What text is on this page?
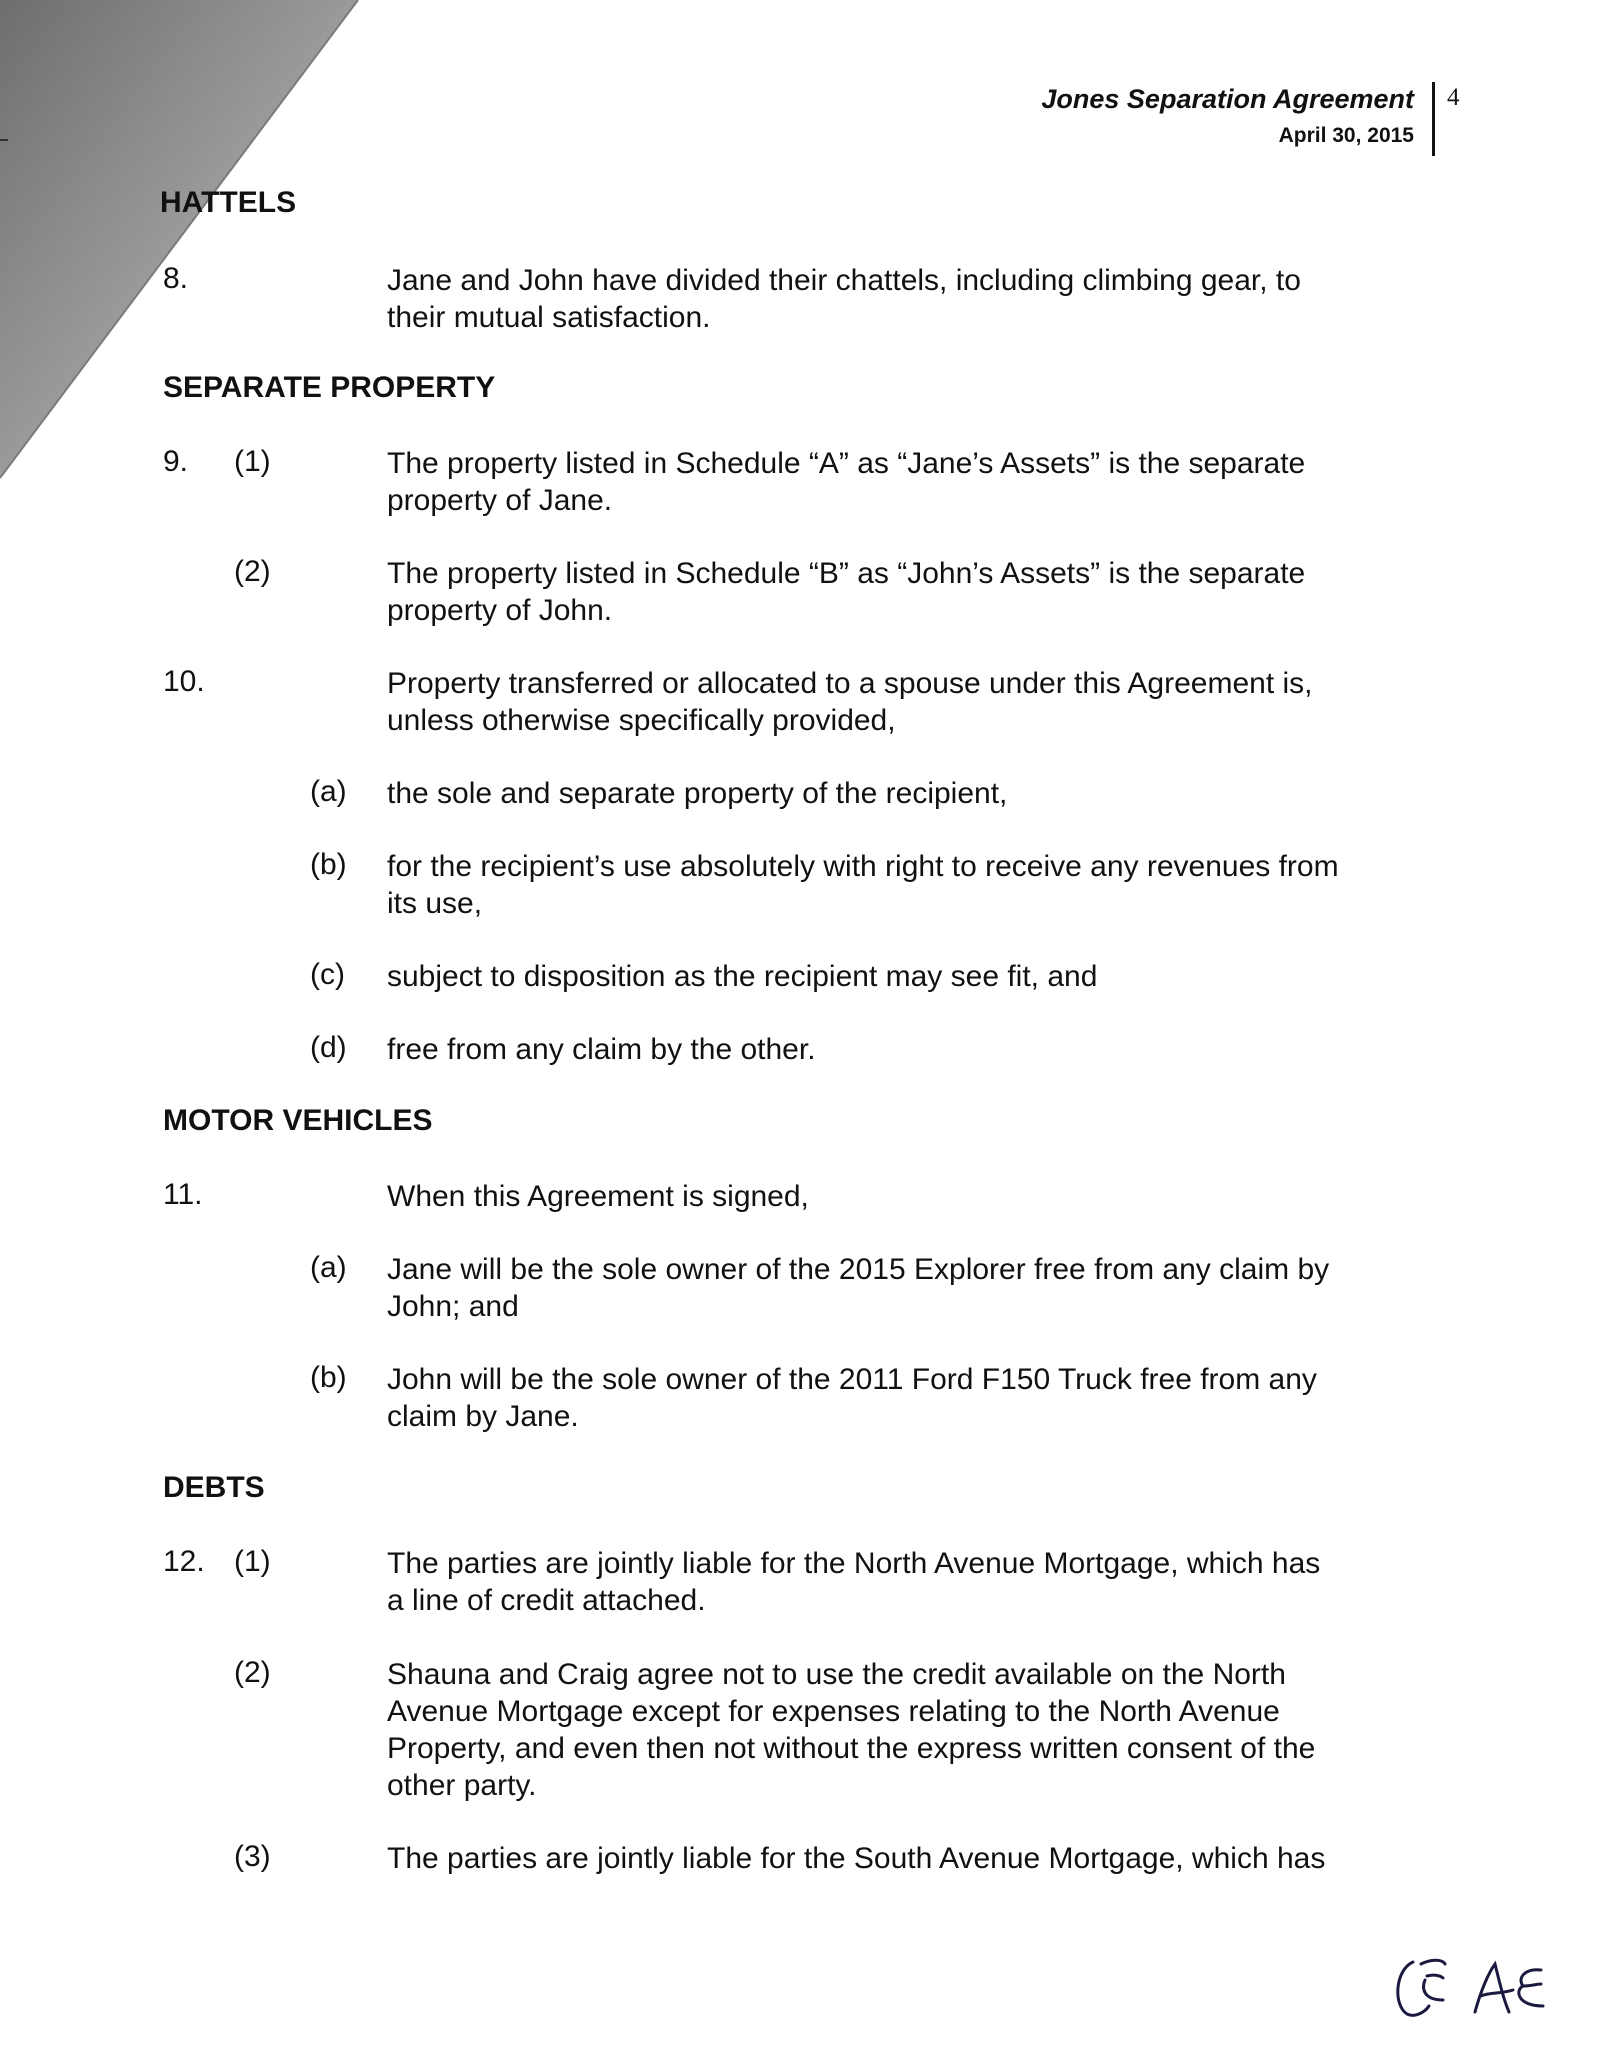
Jones Separation Agreement
April 30, 2015
4
HATTELS
8.	Jane and John have divided their chattels, including climbing gear, to
their mutual satisfaction.
SEPARATE PROPERTY
9. (1)	The property listed in Schedule “A” as “Jane’s Assets” is the separate
property of Jane.
(2)	The property listed in Schedule “B” as “John’s Assets” is the separate
property of John.
10.	Property transferred or allocated to a spouse under this Agreement is,
unless otherwise specifically provided,
(a) the sole and separate property of the recipient,
(b) for the recipient’s use absolutely with right to receive any revenues from
its use,
(c) subject to disposition as the recipient may see fit, and
(d) free from any claim by the other.
MOTOR VEHICLES
11.	When this Agreement is signed,
(a) Jane will be the sole owner of the 2015 Explorer free from any claim by
John; and
(b) John will be the sole owner of the 2011 Ford F150 Truck free from any
claim by Jane.
DEBTS
12. (1)	The parties are jointly liable for the North Avenue Mortgage, which has
a line of credit attached.
(2)	Shauna and Craig agree not to use the credit available on the North
Avenue Mortgage except for expenses relating to the North Avenue
Property, and even then not without the express written consent of the
other party.
(3)	The parties are jointly liable for the South Avenue Mortgage, which has
